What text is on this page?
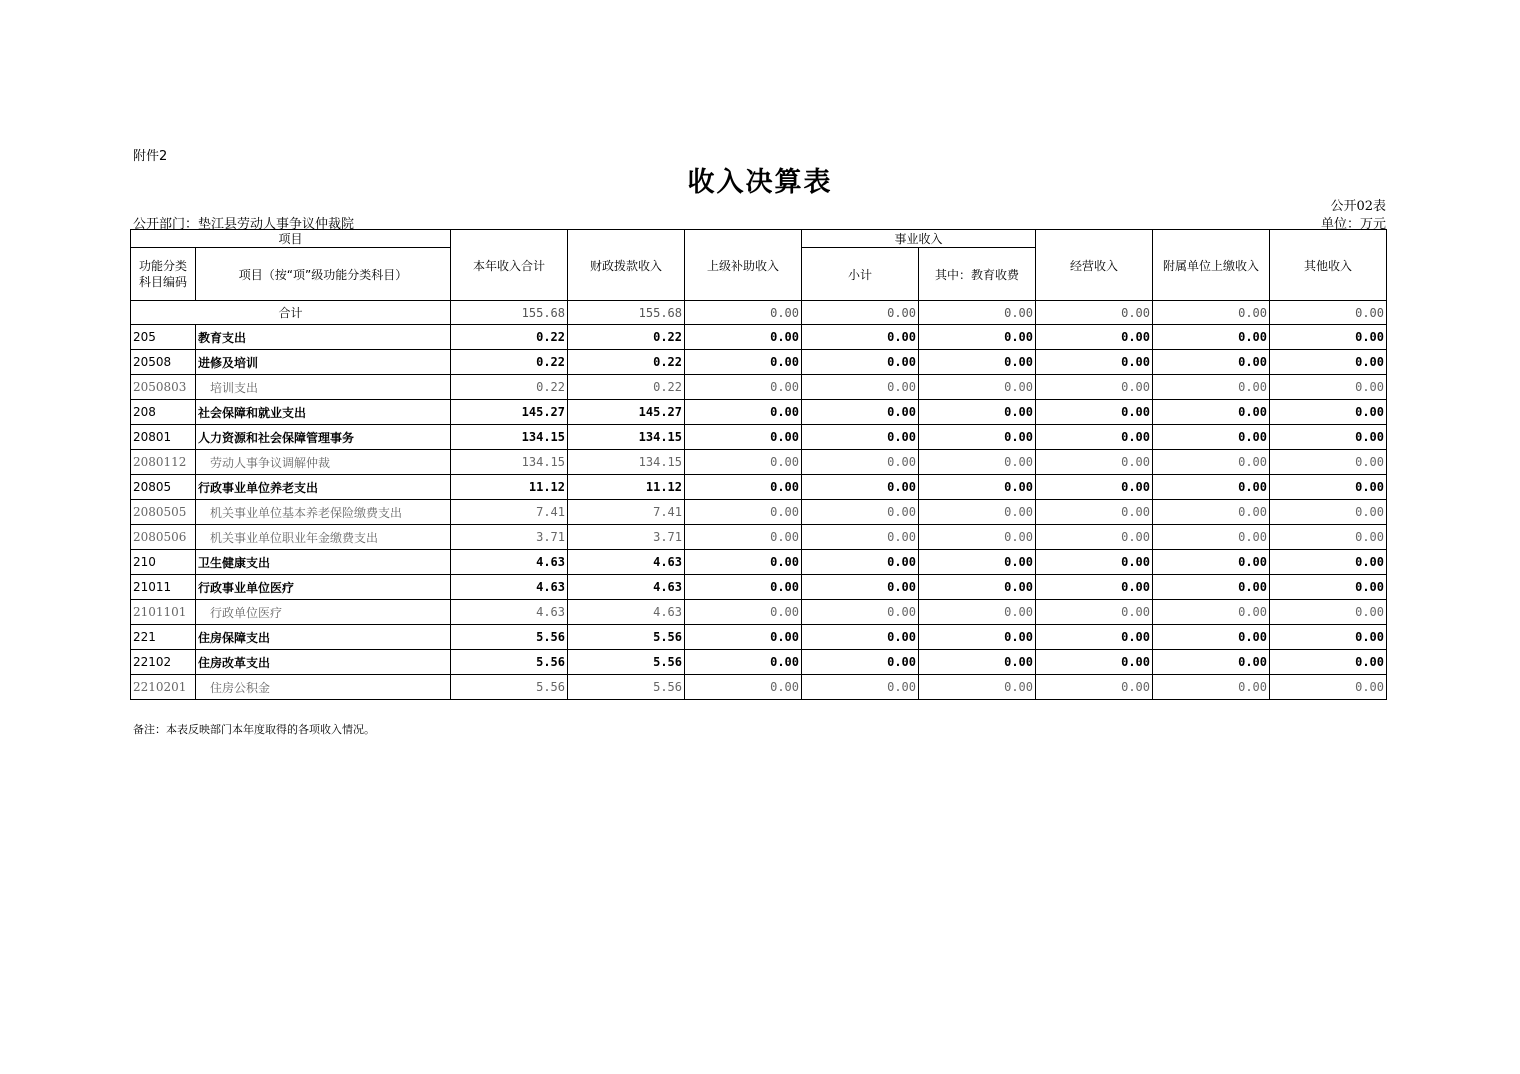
附件2
收入决算表
公开02表
公开部门：垫江县劳动人事争议仲裁院	单位：万元
项目		本年收入合计	财政拨款收入	上级补助收入	事业收入		经营收入	附属单位上缴收入	其他收入
功能分类科目编码	项目（按“项”级功能分类科目）				小计	其中：教育收费			
合计		155.68	155.68	0.00	0.00	0.00	0.00	0.00	0.00
205	教育支出	0.22	0.22	0.00	0.00	0.00	0.00	0.00	0.00
20508	进修及培训	0.22	0.22	0.00	0.00	0.00	0.00	0.00	0.00
2050803	培训支出	0.22	0.22	0.00	0.00	0.00	0.00	0.00	0.00
208	社会保障和就业支出	145.27	145.27	0.00	0.00	0.00	0.00	0.00	0.00
20801	人力资源和社会保障管理事务	134.15	134.15	0.00	0.00	0.00	0.00	0.00	0.00
2080112	劳动人事争议调解仲裁	134.15	134.15	0.00	0.00	0.00	0.00	0.00	0.00
20805	行政事业单位养老支出	11.12	11.12	0.00	0.00	0.00	0.00	0.00	0.00
2080505	机关事业单位基本养老保险缴费支出	7.41	7.41	0.00	0.00	0.00	0.00	0.00	0.00
2080506	机关事业单位职业年金缴费支出	3.71	3.71	0.00	0.00	0.00	0.00	0.00	0.00
210	卫生健康支出	4.63	4.63	0.00	0.00	0.00	0.00	0.00	0.00
21011	行政事业单位医疗	4.63	4.63	0.00	0.00	0.00	0.00	0.00	0.00
2101101	行政单位医疗	4.63	4.63	0.00	0.00	0.00	0.00	0.00	0.00
221	住房保障支出	5.56	5.56	0.00	0.00	0.00	0.00	0.00	0.00
22102	住房改革支出	5.56	5.56	0.00	0.00	0.00	0.00	0.00	0.00
2210201	住房公积金	5.56	5.56	0.00	0.00	0.00	0.00	0.00	0.00
备注：本表反映部门本年度取得的各项收入情况。
